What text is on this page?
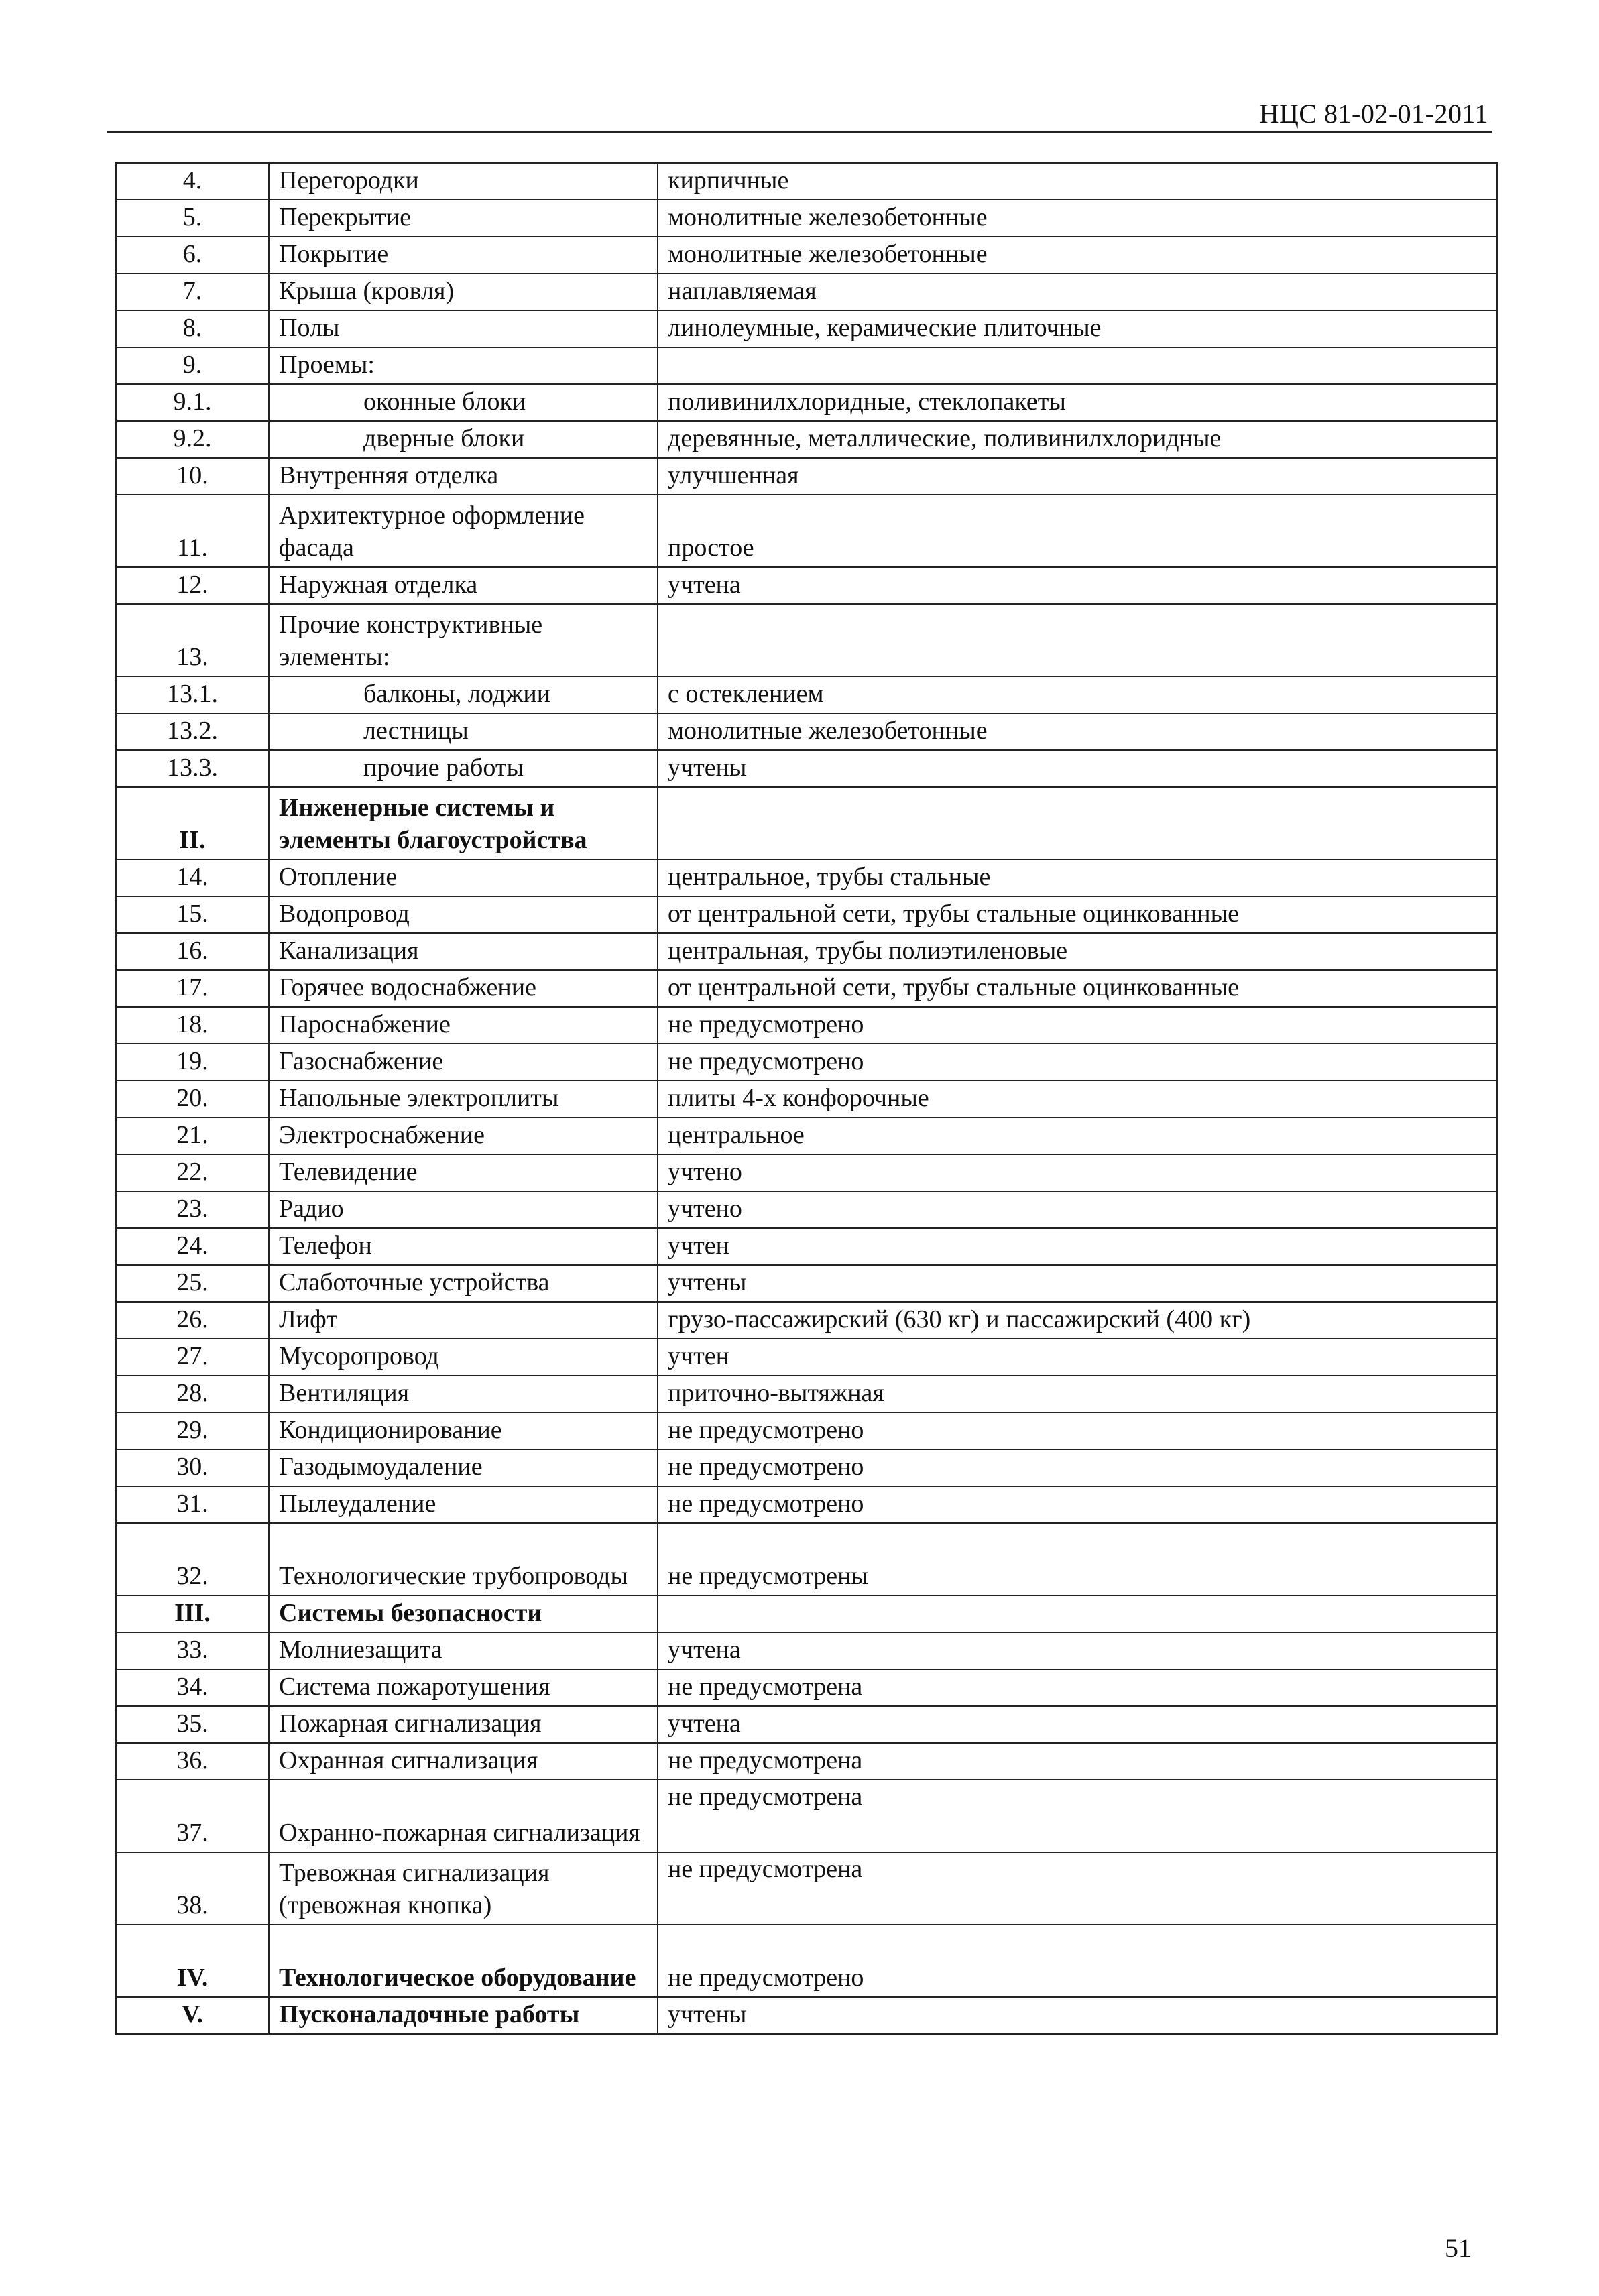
НЦС 81-02-01-2011
4.	Перегородки	кирпичные
5.	Перекрытие	монолитные железобетонные
6.	Покрытие	монолитные железобетонные
7.	Крыша (кровля)	наплавляемая
8.	Полы	линолеумные, керамические плиточные
9.	Проемы:	
9.1.	оконные блоки	поливинилхлоридные, стеклопакеты
9.2.	дверные блоки	деревянные, металлические, поливинилхлоридные
10.	Внутренняя отделка	улучшенная
11.	Архитектурное оформление фасада	простое
12.	Наружная отделка	учтена
13.	Прочие конструктивные элементы:	
13.1.	балконы, лоджии	с остеклением
13.2.	лестницы	монолитные железобетонные
13.3.	прочие работы	учтены
II.	Инженерные системы и элементы благоустройства	
14.	Отопление	центральное, трубы стальные
15.	Водопровод	от центральной сети, трубы стальные оцинкованные
16.	Канализация	центральная, трубы полиэтиленовые
17.	Горячее водоснабжение	от центральной сети, трубы стальные оцинкованные
18.	Пароснабжение	не предусмотрено
19.	Газоснабжение	не предусмотрено
20.	Напольные электроплиты	плиты 4-х конфорочные
21.	Электроснабжение	центральное
22.	Телевидение	учтено
23.	Радио	учтено
24.	Телефон	учтен
25.	Слаботочные устройства	учтены
26.	Лифт	грузо-пассажирский (630 кг) и пассажирский (400 кг)
27.	Мусоропровод	учтен
28.	Вентиляция	приточно-вытяжная
29.	Кондиционирование	не предусмотрено
30.	Газодымоудаление	не предусмотрено
31.	Пылеудаление	не предусмотрено
32.	Технологические трубопроводы	не предусмотрены
III.	Системы безопасности	
33.	Молниезащита	учтена
34.	Система пожаротушения	не предусмотрена
35.	Пожарная сигнализация	учтена
36.	Охранная сигнализация	не предусмотрена
37.	Охранно-пожарная сигнализация	не предусмотрена
38.	Тревожная сигнализация (тревожная кнопка)	не предусмотрена
IV.	Технологическое оборудование	не предусмотрено
V.	Пусконаладочные работы	учтены
51
